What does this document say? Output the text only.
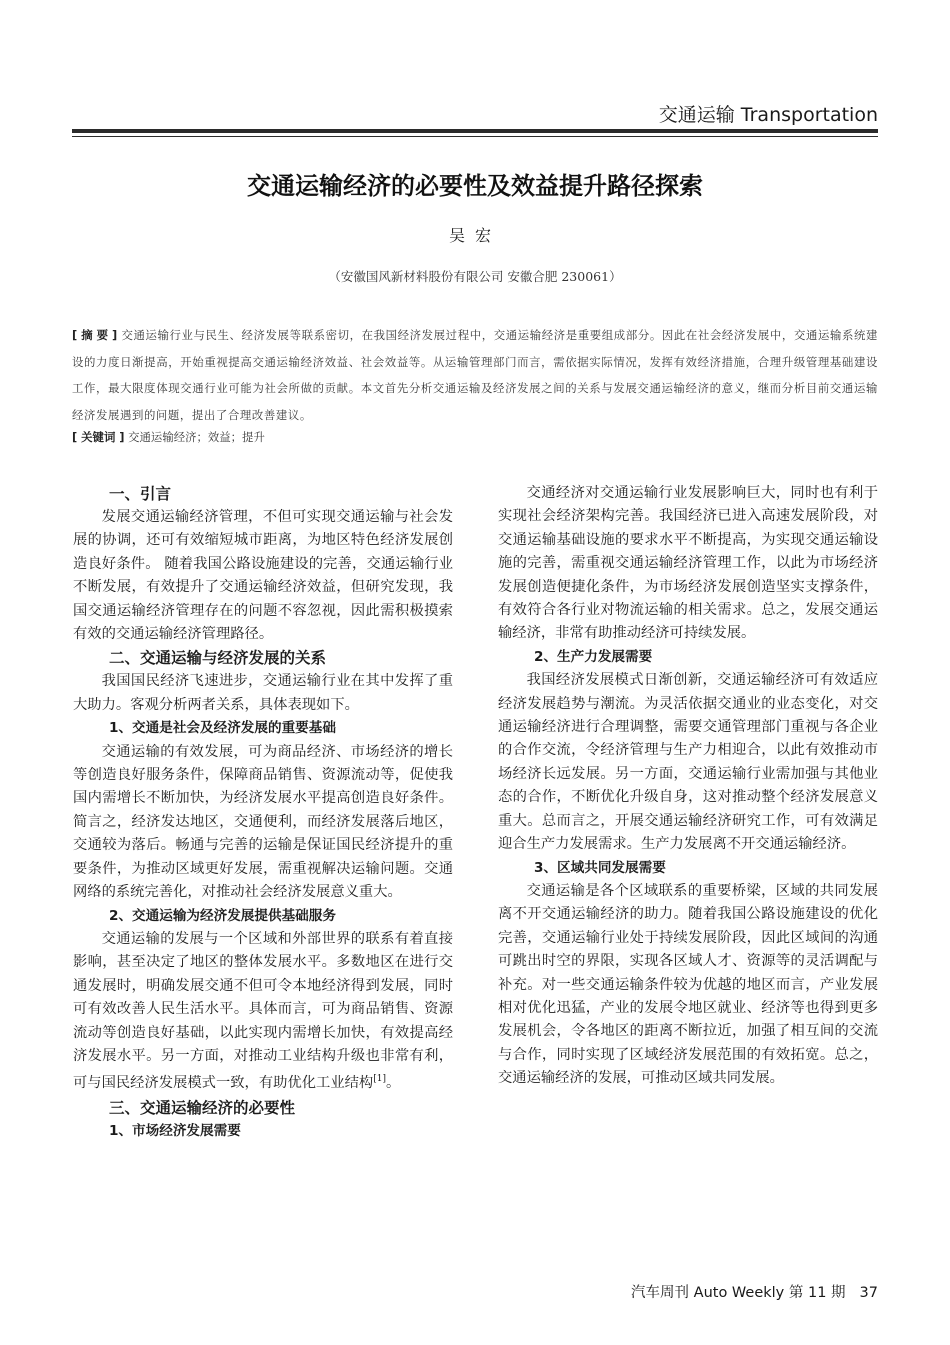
交通运输 Transportation
交通运输经济的必要性及效益提升路径探索
吴宏
（安徽国风新材料股份有限公司 安徽合肥 230061）
[ 摘 要 ] 交通运输行业与民生、经济发展等联系密切，在我国经济发展过程中，交通运输经济是重要组成部分。因此在社会经济发展中，交通运输系统建设的力度日渐提高，开始重视提高交通运输经济效益、社会效益等。从运输管理部门而言，需依据实际情况，发挥有效经济措施，合理升级管理基础建设工作，最大限度体现交通行业可能为社会所做的贡献。本文首先分析交通运输及经济发展之间的关系与发展交通运输经济的意义，继而分析目前交通运输经济发展遇到的问题，提出了合理改善建议。
[ 关键词 ] 交通运输经济；效益；提升
一、引言

发展交通运输经济管理，不但可实现交通运输与社会发展的协调，还可有效缩短城市距离，为地区特色经济发展创造良好条件。 随着我国公路设施建设的完善，交通运输行业不断发展，有效提升了交通运输经济效益，但研究发现，我国交通运输经济管理存在的问题不容忽视，因此需积极摸索有效的交通运输经济管理路径。

二、交通运输与经济发展的关系

我国国民经济飞速进步，交通运输行业在其中发挥了重大助力。客观分析两者关系，具体表现如下。

1、交通是社会及经济发展的重要基础

交通运输的有效发展，可为商品经济、市场经济的增长等创造良好服务条件，保障商品销售、资源流动等，促使我国内需增长不断加快，为经济发展水平提高创造良好条件。简言之，经济发达地区，交通便利，而经济发展落后地区，交通较为落后。畅通与完善的运输是保证国民经济提升的重要条件，为推动区域更好发展，需重视解决运输问题。交通网络的系统完善化，对推动社会经济发展意义重大。

2、交通运输为经济发展提供基础服务

交通运输的发展与一个区域和外部世界的联系有着直接影响，甚至决定了地区的整体发展水平。多数地区在进行交通发展时，明确发展交通不但可令本地经济得到发展，同时可有效改善人民生活水平。具体而言，可为商品销售、资源流动等创造良好基础，以此实现内需增长加快，有效提高经济发展水平。另一方面，对推动工业结构升级也非常有利，可与国民经济发展模式一致，有助优化工业结构[1]。

三、交通运输经济的必要性
1、市场经济发展需要

交通经济对交通运输行业发展影响巨大，同时也有利于实现社会经济架构完善。我国经济已进入高速发展阶段，对交通运输基础设施的要求水平不断提高，为实现交通运输设施的完善，需重视交通运输经济管理工作，以此为市场经济发展创造便捷化条件，为市场经济发展创造坚实支撑条件，有效符合各行业对物流运输的相关需求。总之，发展交通运输经济，非常有助推动经济可持续发展。

2、生产力发展需要

我国经济发展模式日渐创新，交通运输经济可有效适应经济发展趋势与潮流。为灵活依据交通业的业态变化，对交通运输经济进行合理调整，需要交通管理部门重视与各企业的合作交流，令经济管理与生产力相迎合，以此有效推动市场经济长远发展。另一方面，交通运输行业需加强与其他业态的合作，不断优化升级自身，这对推动整个经济发展意义重大。总而言之，开展交通运输经济研究工作，可有效满足迎合生产力发展需求。生产力发展离不开交通运输经济。

3、区域共同发展需要

交通运输是各个区域联系的重要桥梁，区域的共同发展离不开交通运输经济的助力。随着我国公路设施建设的优化完善，交通运输行业处于持续发展阶段，因此区域间的沟通可跳出时空的界限，实现各区域人才、资源等的灵活调配与补充。对一些交通运输条件较为优越的地区而言，产业发展相对优化迅猛，产业的发展令地区就业、经济等也得到更多发展机会，令各地区的距离不断拉近，加强了相互间的交流与合作，同时实现了区域经济发展范围的有效拓宽。总之，交通运输经济的发展，可推动区域共同发展。

汽车周刊 Auto Weekly 第 11 期 37
